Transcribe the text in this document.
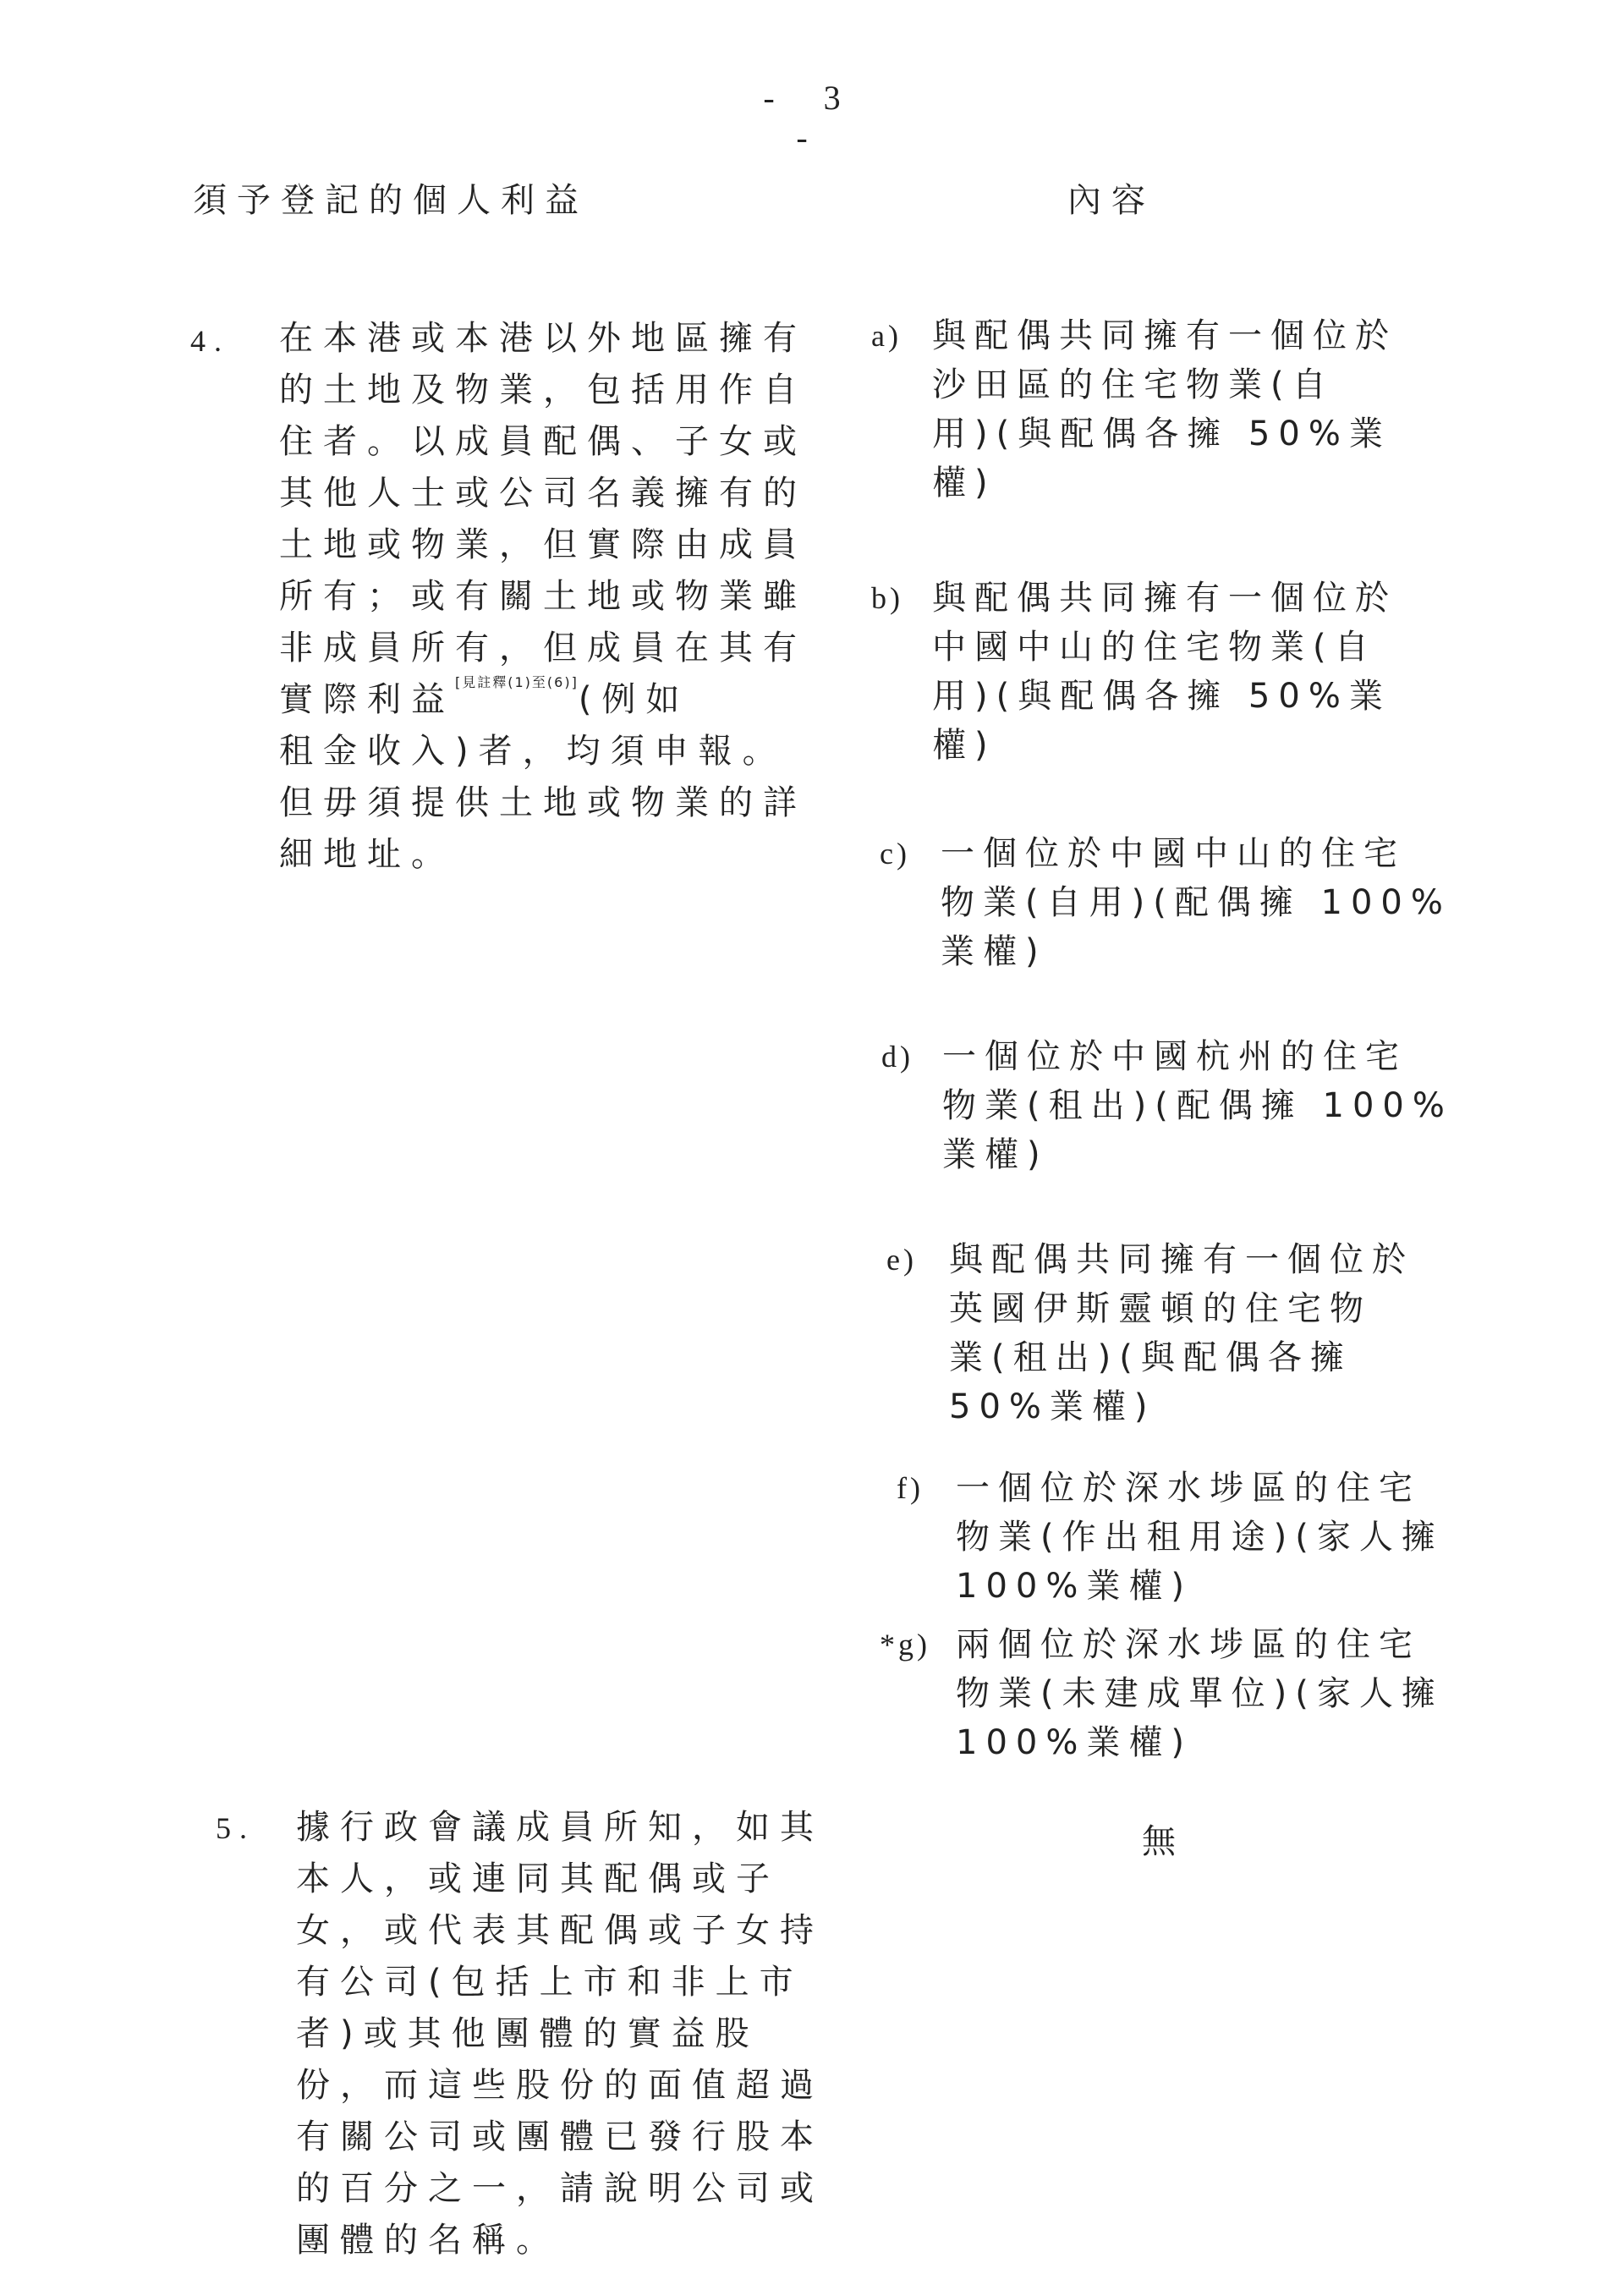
- 3 -
須予登記的個人利益	內容
4. 在本港或本港以外地區擁有
的土地及物業，包括用作自
住者。以成員配偶、子女或
其他人士或公司名義擁有的
土地或物業，但實際由成員
所有；或有關土地或物業雖
非成員所有，但成員在其有
實際利益[見註釋(1)至(6)](例如
租金收入)者，均須申報。
但毋須提供土地或物業的詳
細地址。
a) 與配偶共同擁有一個位於
沙田區的住宅物業(自
用)(與配偶各擁 50%業
權)
b) 與配偶共同擁有一個位於
中國中山的住宅物業(自
用)(與配偶各擁 50%業
權)
c) 一個位於中國中山的住宅
物業(自用)(配偶擁 100%
業權)
d) 一個位於中國杭州的住宅
物業(租出)(配偶擁 100%
業權)
e) 與配偶共同擁有一個位於
英國伊斯靈頓的住宅物
業(租出)(與配偶各擁
50%業權)
f) 一個位於深水埗區的住宅
物業(作出租用途)(家人擁
100%業權)
*g) 兩個位於深水埗區的住宅
物業(未建成單位)(家人擁
100%業權)
5. 據行政會議成員所知，如其
本人，或連同其配偶或子
女，或代表其配偶或子女持
有公司(包括上市和非上市
者)或其他團體的實益股
份，而這些股份的面值超過
有關公司或團體已發行股本
的百分之一，請說明公司或
團體的名稱。
無
